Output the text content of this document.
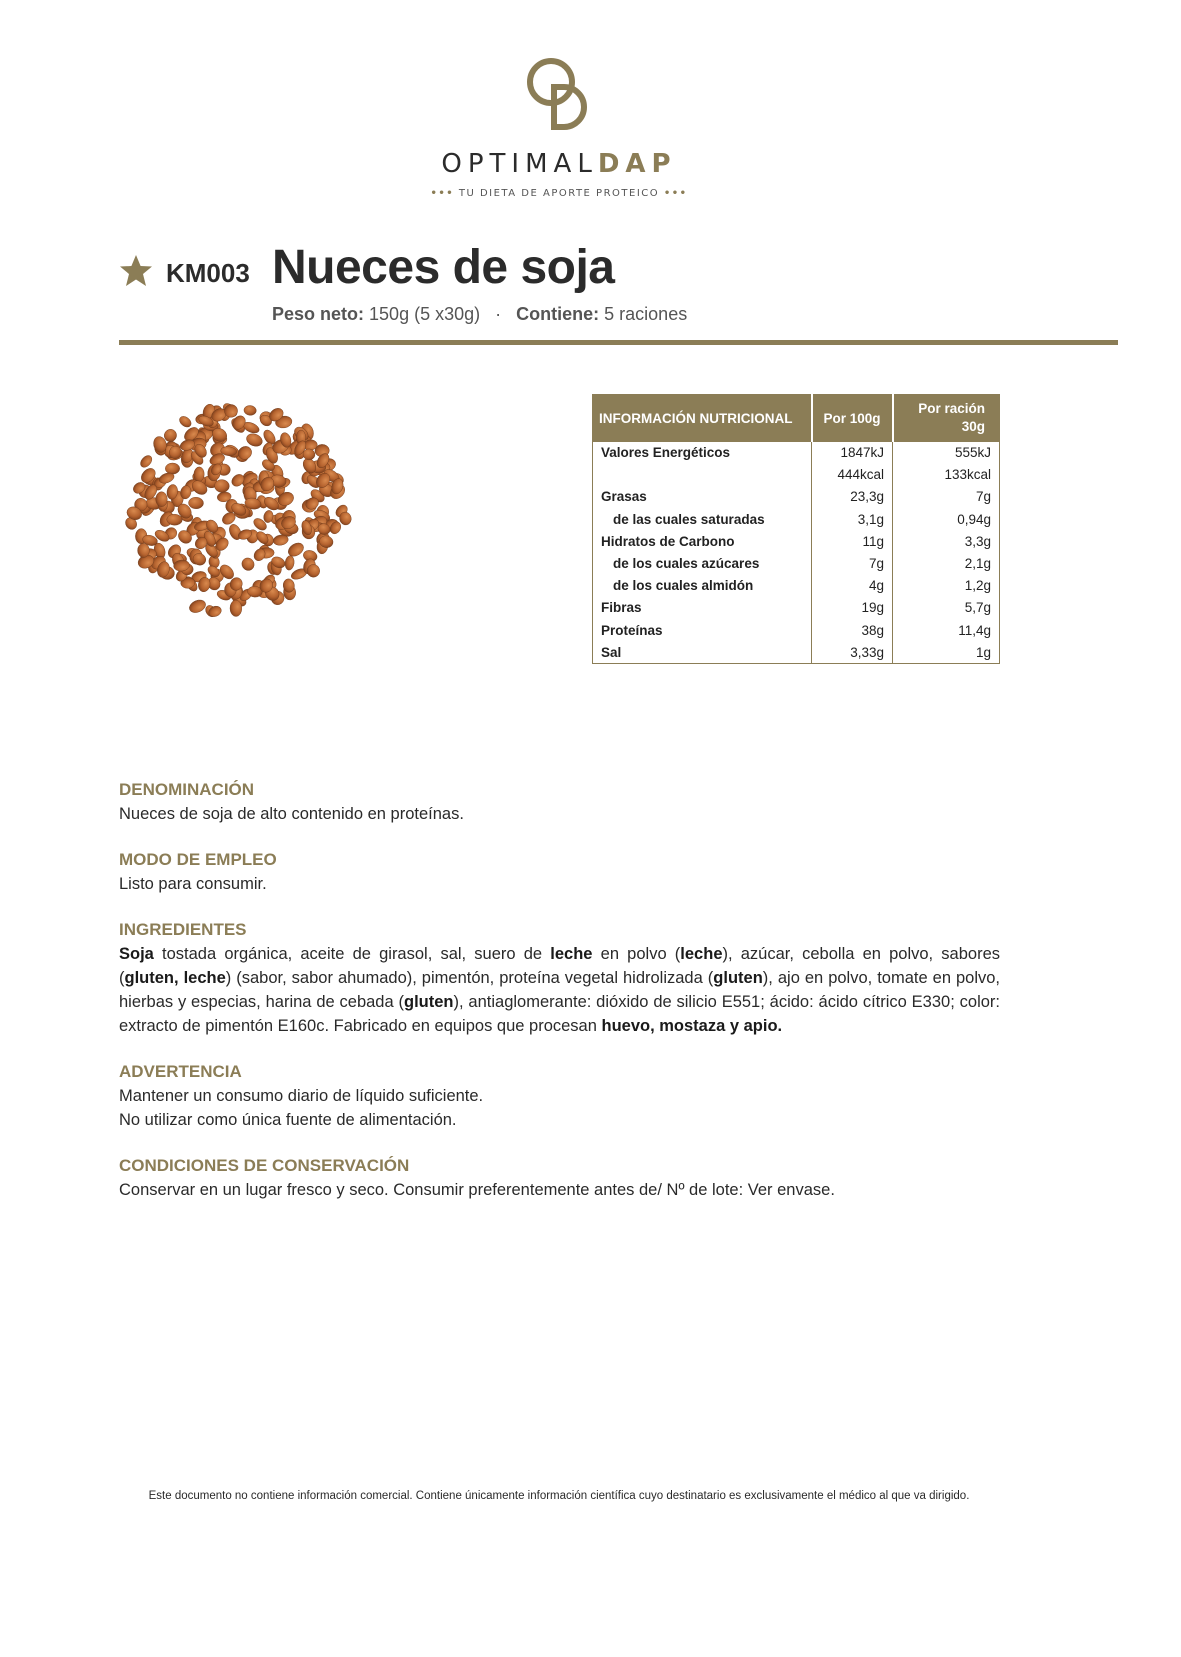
OPTIMALDAP
••• TU DIETA DE APORTE PROTEICO •••
KM003 Nueces de soja
Peso neto: 150g (5 x30g) · Contiene: 5 raciones
INFORMACIÓN NUTRICIONAL	Por 100g	Por ración 30g
Valores Energéticos	1847kJ	555kJ
	444kcal	133kcal
Grasas	23,3g	7g
de las cuales saturadas	3,1g	0,94g
Hidratos de Carbono	11g	3,3g
de los cuales azúcares	7g	2,1g
de los cuales almidón	4g	1,2g
Fibras	19g	5,7g
Proteínas	38g	11,4g
Sal	3,33g	1g
DENOMINACIÓN

Nueces de soja de alto contenido en proteínas.

MODO DE EMPLEO

Listo para consumir.

INGREDIENTES

Soja tostada orgánica, aceite de girasol, sal, suero de leche en polvo (leche), azúcar, cebolla en polvo, sabores (gluten, leche) (sabor, sabor ahumado), pimentón, proteína vegetal hidrolizada (gluten), ajo en polvo, tomate en polvo, hierbas y especias, harina de cebada (gluten), antiaglomerante: dióxido de silicio E551; ácido: ácido cítrico E330; color: extracto de pimentón E160c. Fabricado en equipos que procesan huevo, mostaza y apio.

ADVERTENCIA

Mantener un consumo diario de líquido suficiente.

No utilizar como única fuente de alimentación.

CONDICIONES DE CONSERVACIÓN

Conservar en un lugar fresco y seco. Consumir preferentemente antes de/ Nº de lote: Ver envase.

Este documento no contiene información comercial. Contiene únicamente información científica cuyo destinatario es exclusivamente el médico al que va dirigido.
